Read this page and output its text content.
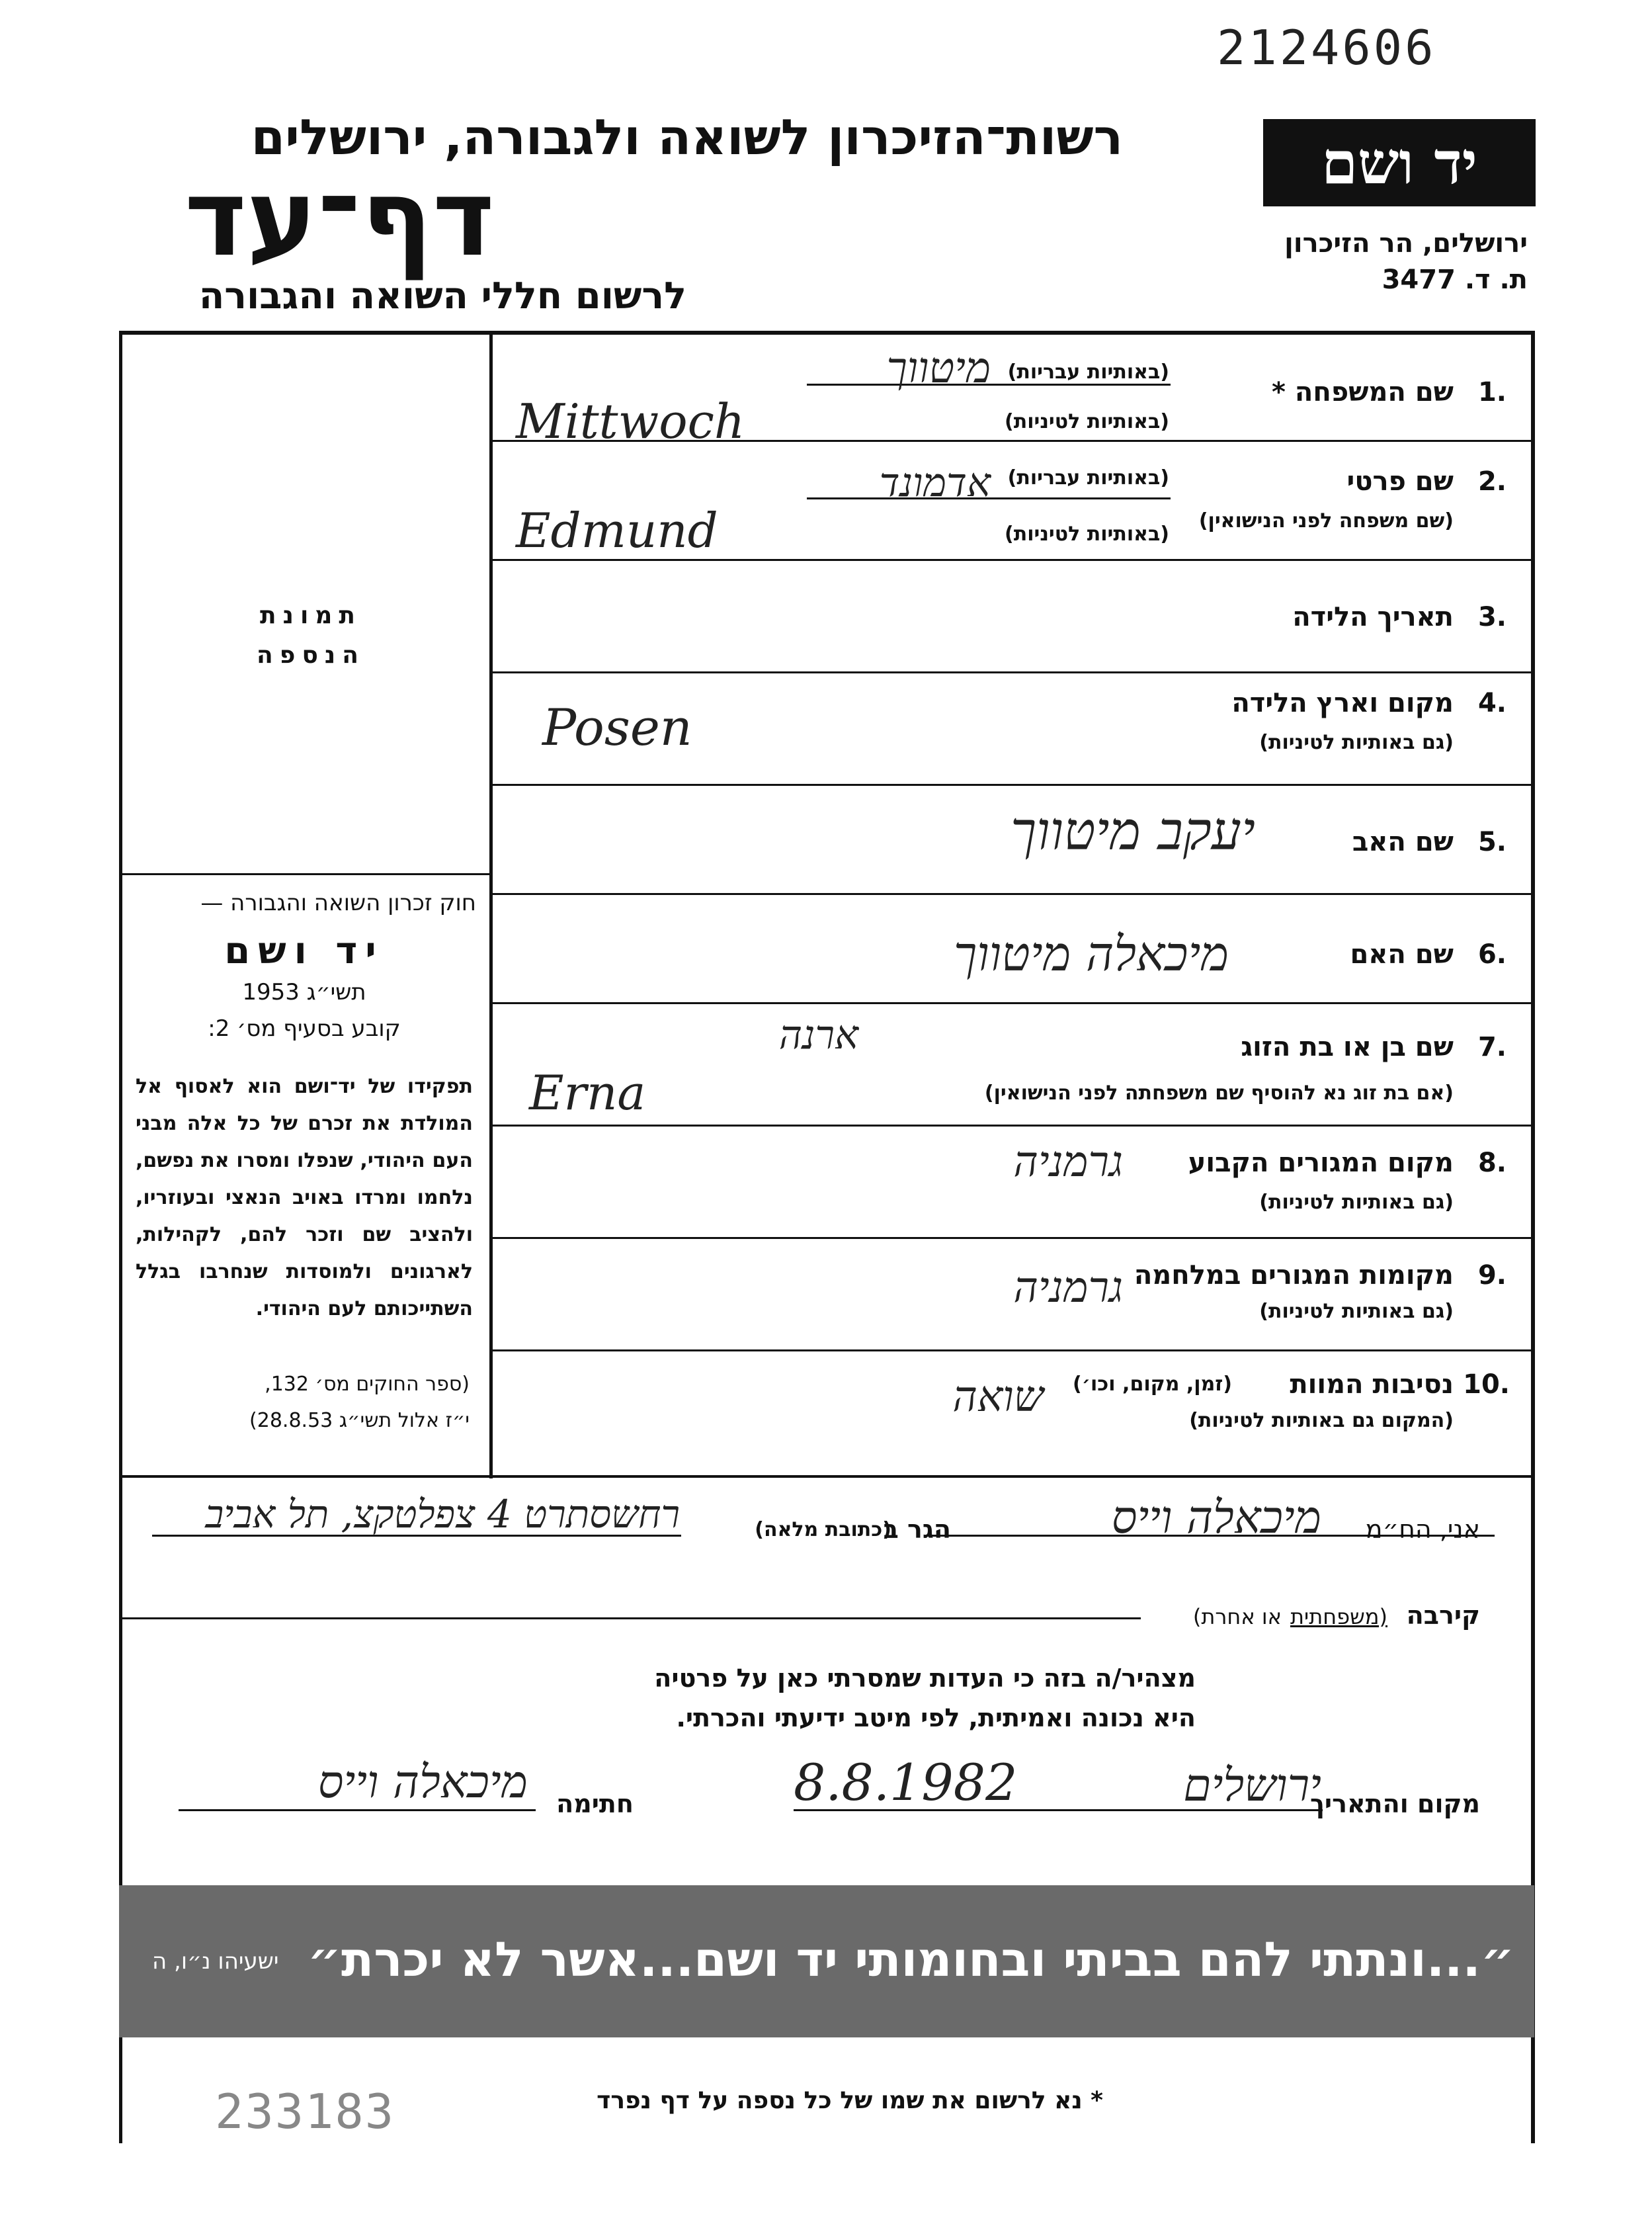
2124606
רשות־הזיכרון לשואה ולגבורה, ירושלים
דף־עד
לרשום חללי השואה והגבורה
יד ושם
ירושלים, הר הזיכרון
ת. ד. 3477
תמונת
הנספה
חוק זכרון השואה והגבורה —
יד ושם
תשי״ג 1953
קובע בסעיף מס׳ 2:
תפקידו של יד־ושם הוא לאסוף אל המולדת את זכרם של כל אלה מבני העם היהודי, שנפלו ומסרו את נפשם, נלחמו ומרדו באויב הנאצי ובעוזריו, ולהציב שם וזכר להם, לקהילות, לארגונים ולמוסדות שנחרבו בגלל השתייכותם לעם היהודי.
(ספר החוקים מס׳ 132,
י״ז אלול תשי״ג 28.8.53)
1.
שם המשפחה *
(באותיות עבריות)
(באותיות לטיניות)
מיטווך
Mittwoch
2.
שם פרטי
(שם משפחה לפני הנישואין)
(באותיות עבריות)
(באותיות לטיניות)
אדמונד
Edmund
3.
תאריך הלידה
4.
מקום וארץ הלידה
(גם באותיות לטיניות)
Posen
5.
שם האב
יעקב מיטווך
6.
שם האם
מיכאלה מיטווך
7.
שם בן או בת הזוג
(אם בת זוג נא להוסיף שם משפחתה לפני הנישואין)
ארנה
Erna
8.
מקום המגורים הקבוע
(גם באותיות לטיניות)
גרמניה
9.
מקומות המגורים במלחמה
(גם באותיות לטיניות)
גרמניה
10.
נסיבות המוות
(זמן, מקום, וכו׳)
(המקום גם באותיות לטיניות)
שואה
אני, הח״מ
מיכאלה וייס
הגר ב
(כתובת מלאה)
רחשסתרט 4 צפלטקצ, תל אביב
קירבה
(משפחתית
או אחרת)
מצהיר/ה בזה כי העדות שמסרתי כאן על פרטיה
היא נכונה ואמיתית, לפי מיטב ידיעתי והכרתי.
מקום והתאריך
ירושלים
8.8.1982
חתימה
מיכאלה וייס
״...ונתתי להם בביתי ובחומותי יד ושם...אשר לא יכרת״
ישעיהו נ״ו, ה
233183	* נא לרשום את שמו של כל נספה על דף נפרד
